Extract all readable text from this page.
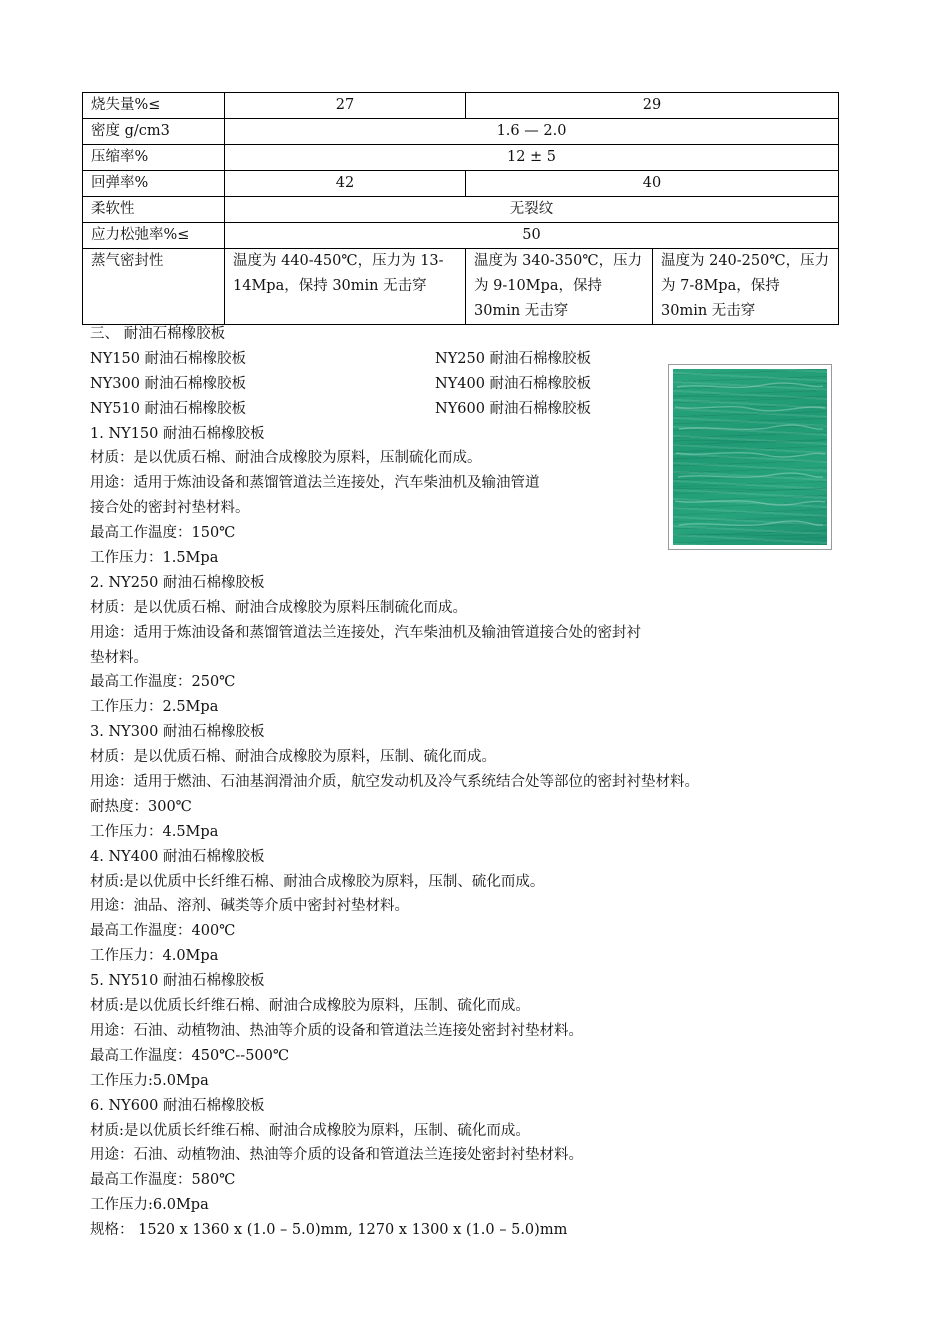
烧失量%≤	27	29	
密度 g/cm3	1.6 — 2.0		
压缩率%	12 ± 5		
回弹率%	42	40	
柔软性	无裂纹		
应力松弛率%≤	50		
蒸气密封性	温度为 440-450℃，压力为 13-14Mpa，保持 30min 无击穿	温度为 340-350℃，压力为 9-10Mpa，保持 30min 无击穿	温度为 240-250℃，压力为 7-8Mpa，保持 30min 无击穿
三、 耐油石棉橡胶板
NY150 耐油石棉橡胶板	NY250 耐油石棉橡胶板
NY300 耐油石棉橡胶板	NY400 耐油石棉橡胶板
NY510 耐油石棉橡胶板	NY600 耐油石棉橡胶板
1. NY150 耐油石棉橡胶板
材质：是以优质石棉、耐油合成橡胶为原料，压制硫化而成。
用途：适用于炼油设备和蒸馏管道法兰连接处，汽车柴油机及输油管道
接合处的密封衬垫材料。
最高工作温度：150℃
工作压力：1.5Mpa
2. NY250 耐油石棉橡胶板
材质：是以优质石棉、耐油合成橡胶为原料压制硫化而成。
用途：适用于炼油设备和蒸馏管道法兰连接处，汽车柴油机及输油管道接合处的密封衬
垫材料。
最高工作温度：250℃
工作压力：2.5Mpa
3. NY300 耐油石棉橡胶板
材质：是以优质石棉、耐油合成橡胶为原料，压制、硫化而成。
用途：适用于燃油、石油基润滑油介质，航空发动机及冷气系统结合处等部位的密封衬垫材料。
耐热度：300℃
工作压力：4.5Mpa
4. NY400 耐油石棉橡胶板
材质:是以优质中长纤维石棉、耐油合成橡胶为原料，压制、硫化而成。
用途：油品、溶剂、碱类等介质中密封衬垫材料。
最高工作温度：400℃
工作压力：4.0Mpa
5. NY510 耐油石棉橡胶板
材质:是以优质长纤维石棉、耐油合成橡胶为原料，压制、硫化而成。
用途：石油、动植物油、热油等介质的设备和管道法兰连接处密封衬垫材料。
最高工作温度：450℃--500℃
工作压力:5.0Mpa
6. NY600 耐油石棉橡胶板
材质:是以优质长纤维石棉、耐油合成橡胶为原料，压制、硫化而成。
用途：石油、动植物油、热油等介质的设备和管道法兰连接处密封衬垫材料。
最高工作温度：580℃
工作压力:6.0Mpa
规格： 1520 x 1360 x (1.0 – 5.0)mm, 1270 x 1300 x (1.0 – 5.0)mm
